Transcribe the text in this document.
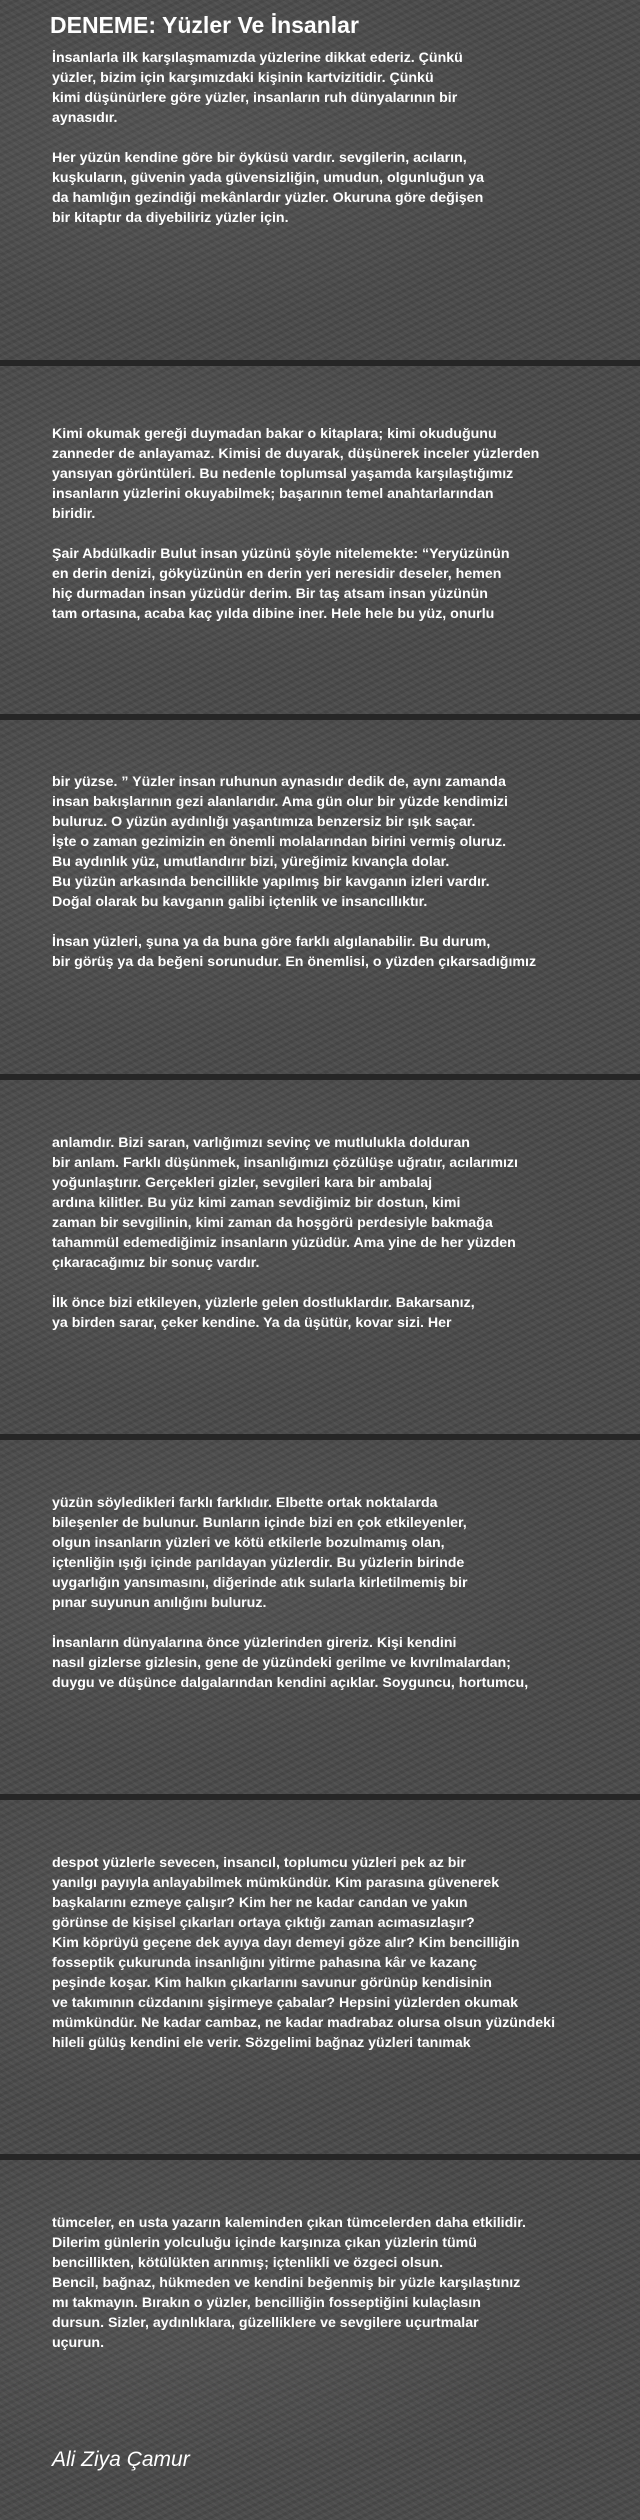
DENEME: Yüzler Ve İnsanlar
İnsanlarla ilk karşılaşmamızda yüzlerine dikkat ederiz. Çünkü
yüzler, bizim için karşımızdaki kişinin kartvizitidir. Çünkü
kimi düşünürlere göre yüzler, insanların ruh dünyalarının bir
aynasıdır.

Her yüzün kendine göre bir öyküsü vardır. sevgilerin, acıların,
kuşkuların, güvenin yada güvensizliğin, umudun, olgunluğun ya
da hamlığın gezindiği mekânlardır yüzler. Okuruna göre değişen
bir kitaptır da diyebiliriz yüzler için.
Kimi okumak gereği duymadan bakar o kitaplara; kimi okuduğunu
zanneder de anlayamaz. Kimisi de duyarak, düşünerek inceler yüzlerden
yansıyan görüntüleri. Bu nedenle toplumsal yaşamda karşılaştığımız
insanların yüzlerini okuyabilmek; başarının temel anahtarlarından
biridir.

Şair Abdülkadir Bulut insan yüzünü şöyle nitelemekte: “Yeryüzünün
en derin denizi, gökyüzünün en derin yeri neresidir deseler, hemen
hiç durmadan insan yüzüdür derim. Bir taş atsam insan yüzünün
tam ortasına, acaba kaç yılda dibine iner. Hele hele bu yüz, onurlu
bir yüzse. ” Yüzler insan ruhunun aynasıdır dedik de, aynı zamanda
insan bakışlarının gezi alanlarıdır. Ama gün olur bir yüzde kendimizi
buluruz. O yüzün aydınlığı yaşantımıza benzersiz bir ışık saçar.
İşte o zaman gezimizin en önemli molalarından birini vermiş oluruz.
Bu aydınlık yüz, umutlandırır bizi, yüreğimiz kıvançla dolar.
Bu yüzün arkasında bencillikle yapılmış bir kavganın izleri vardır.
Doğal olarak bu kavganın galibi içtenlik ve insancıllıktır.

İnsan yüzleri, şuna ya da buna göre farklı algılanabilir. Bu durum,
bir görüş ya da beğeni sorunudur. En önemlisi, o yüzden çıkarsadığımız
anlamdır. Bizi saran, varlığımızı sevinç ve mutlulukla dolduran
bir anlam. Farklı düşünmek, insanlığımızı çözülüşe uğratır, acılarımızı
yoğunlaştırır. Gerçekleri gizler, sevgileri kara bir ambalaj
ardına kilitler. Bu yüz kimi zaman sevdiğimiz bir dostun, kimi
zaman bir sevgilinin, kimi zaman da hoşgörü perdesiyle bakmağa
tahammül edemediğimiz insanların yüzüdür. Ama yine de her yüzden
çıkaracağımız bir sonuç vardır.

İlk önce bizi etkileyen, yüzlerle gelen dostluklardır. Bakarsanız,
ya birden sarar, çeker kendine. Ya da üşütür, kovar sizi. Her
yüzün söyledikleri farklı farklıdır. Elbette ortak noktalarda
bileşenler de bulunur. Bunların içinde bizi en çok etkileyenler,
olgun insanların yüzleri ve kötü etkilerle bozulmamış olan,
içtenliğin ışığı içinde parıldayan yüzlerdir. Bu yüzlerin birinde
uygarlığın yansımasını, diğerinde atık sularla kirletilmemiş bir
pınar suyunun anılığını buluruz.

İnsanların dünyalarına önce yüzlerinden gireriz. Kişi kendini
nasıl gizlerse gizlesin, gene de yüzündeki gerilme ve kıvrılmalardan;
duygu ve düşünce dalgalarından kendini açıklar. Soyguncu, hortumcu,
despot yüzlerle sevecen, insancıl, toplumcu yüzleri pek az bir
yanılgı payıyla anlayabilmek mümkündür. Kim parasına güvenerek
başkalarını ezmeye çalışır? Kim her ne kadar candan ve yakın
görünse de kişisel çıkarları ortaya çıktığı zaman acımasızlaşır?
Kim köprüyü geçene dek ayıya dayı demeyi göze alır? Kim bencilliğin
fosseptik çukurunda insanlığını yitirme pahasına kâr ve kazanç
peşinde koşar. Kim halkın çıkarlarını savunur görünüp kendisinin
ve takımının cüzdanını şişirmeye çabalar? Hepsini yüzlerden okumak
mümkündür. Ne kadar cambaz, ne kadar madrabaz olursa olsun yüzündeki
hileli gülüş kendini ele verir. Sözgelimi bağnaz yüzleri tanımak
tümceler, en usta yazarın kaleminden çıkan tümcelerden daha etkilidir.
Dilerim günlerin yolculuğu içinde karşınıza çıkan yüzlerin tümü
bencillikten, kötülükten arınmış; içtenlikli ve özgeci olsun.
Bencil, bağnaz, hükmeden ve kendini beğenmiş bir yüzle karşılaştınız
mı takmayın. Bırakın o yüzler, bencilliğin fosseptiğini kulaçlasın
dursun. Sizler, aydınlıklara, güzelliklere ve sevgilere uçurtmalar
uçurun.
Ali Ziya Çamur
